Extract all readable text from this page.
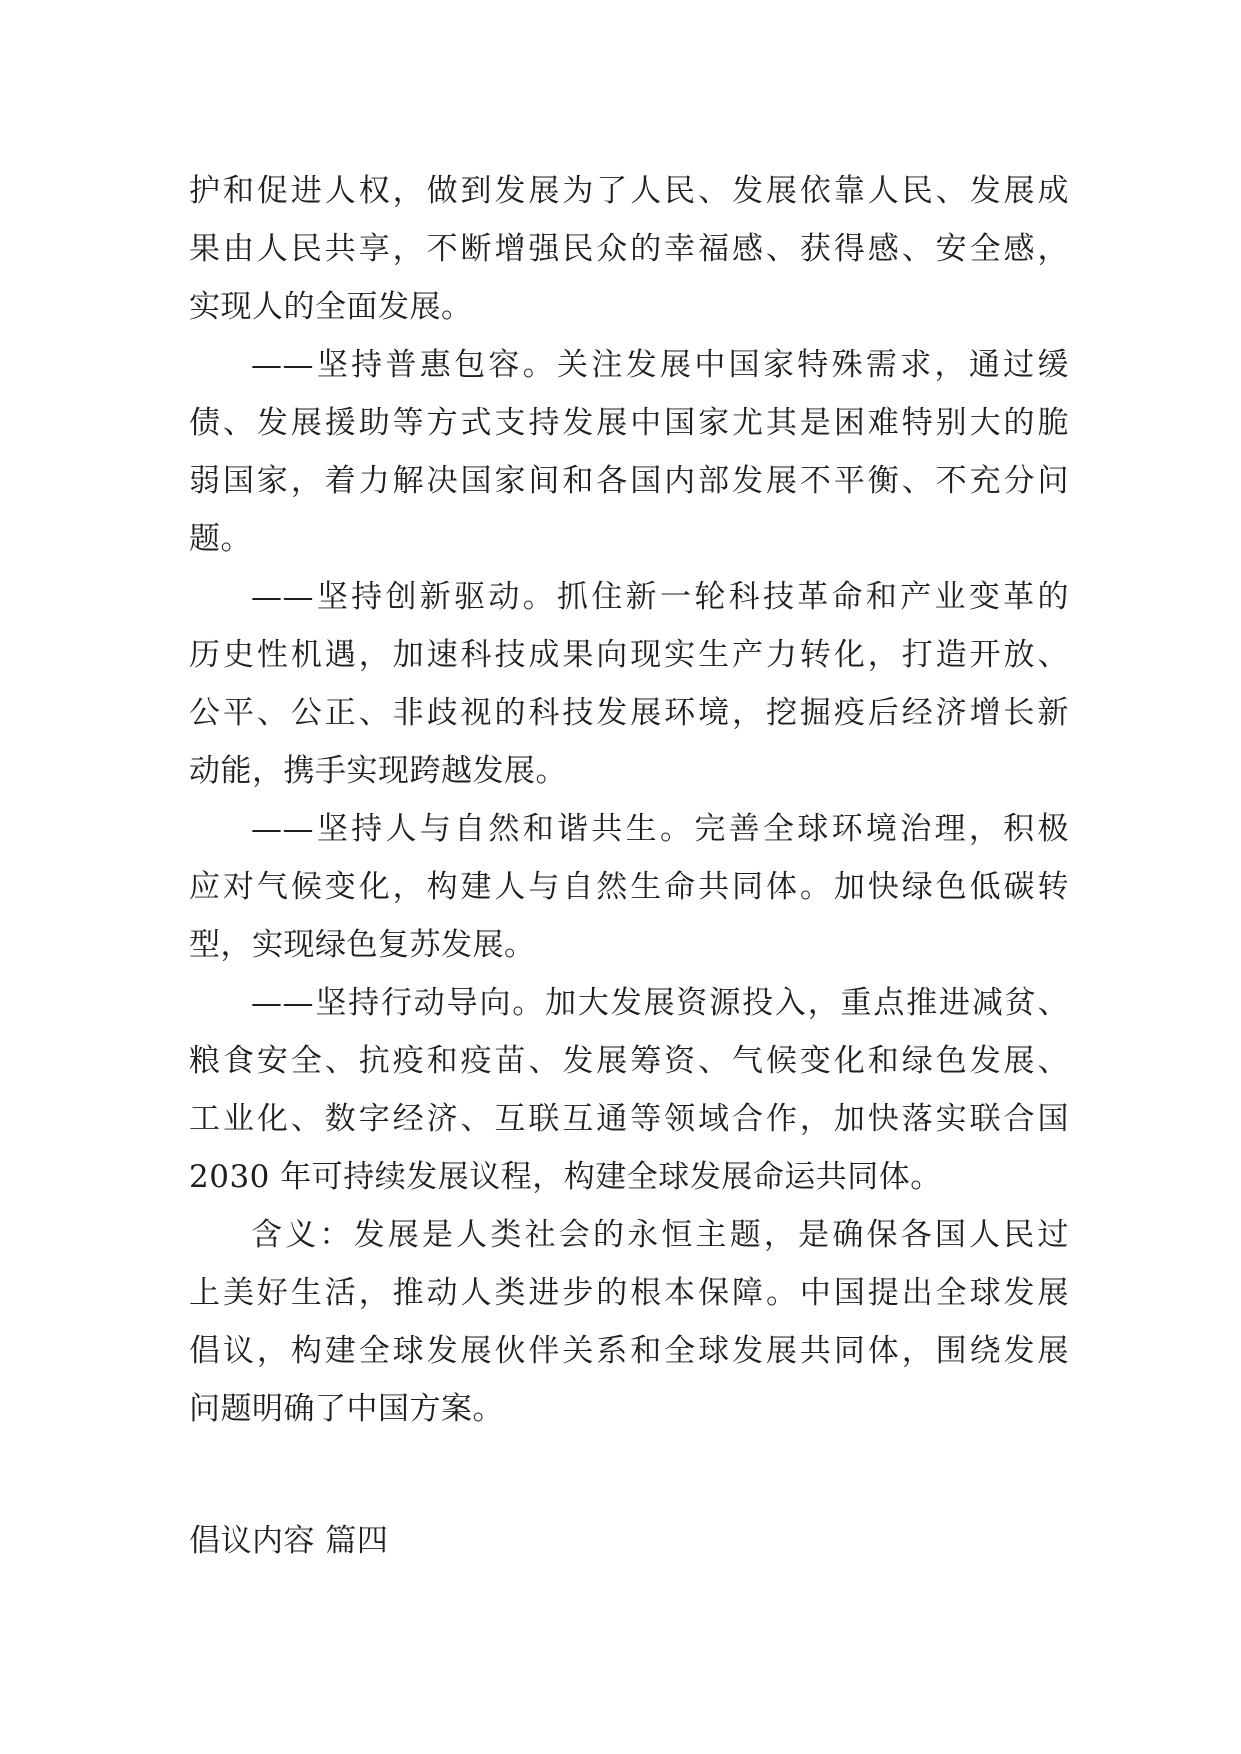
护和促进人权，做到发展为了人民、发展依靠人民、发展成
果由人民共享，不断增强民众的幸福感、获得感、安全感，
实现人的全面发展。
——坚持普惠包容。关注发展中国家特殊需求，通过缓
债、发展援助等方式支持发展中国家尤其是困难特别大的脆
弱国家，着力解决国家间和各国内部发展不平衡、不充分问
题。
——坚持创新驱动。抓住新一轮科技革命和产业变革的
历史性机遇，加速科技成果向现实生产力转化，打造开放、
公平、公正、非歧视的科技发展环境，挖掘疫后经济增长新
动能，携手实现跨越发展。
——坚持人与自然和谐共生。完善全球环境治理，积极
应对气候变化，构建人与自然生命共同体。加快绿色低碳转
型，实现绿色复苏发展。
——坚持行动导向。加大发展资源投入，重点推进减贫、
粮食安全、抗疫和疫苗、发展筹资、气候变化和绿色发展、
工业化、数字经济、互联互通等领域合作，加快落实联合国
2030 年可持续发展议程，构建全球发展命运共同体。
含义：发展是人类社会的永恒主题，是确保各国人民过
上美好生活，推动人类进步的根本保障。中国提出全球发展
倡议，构建全球发展伙伴关系和全球发展共同体，围绕发展
问题明确了中国方案。
倡议内容 篇四
